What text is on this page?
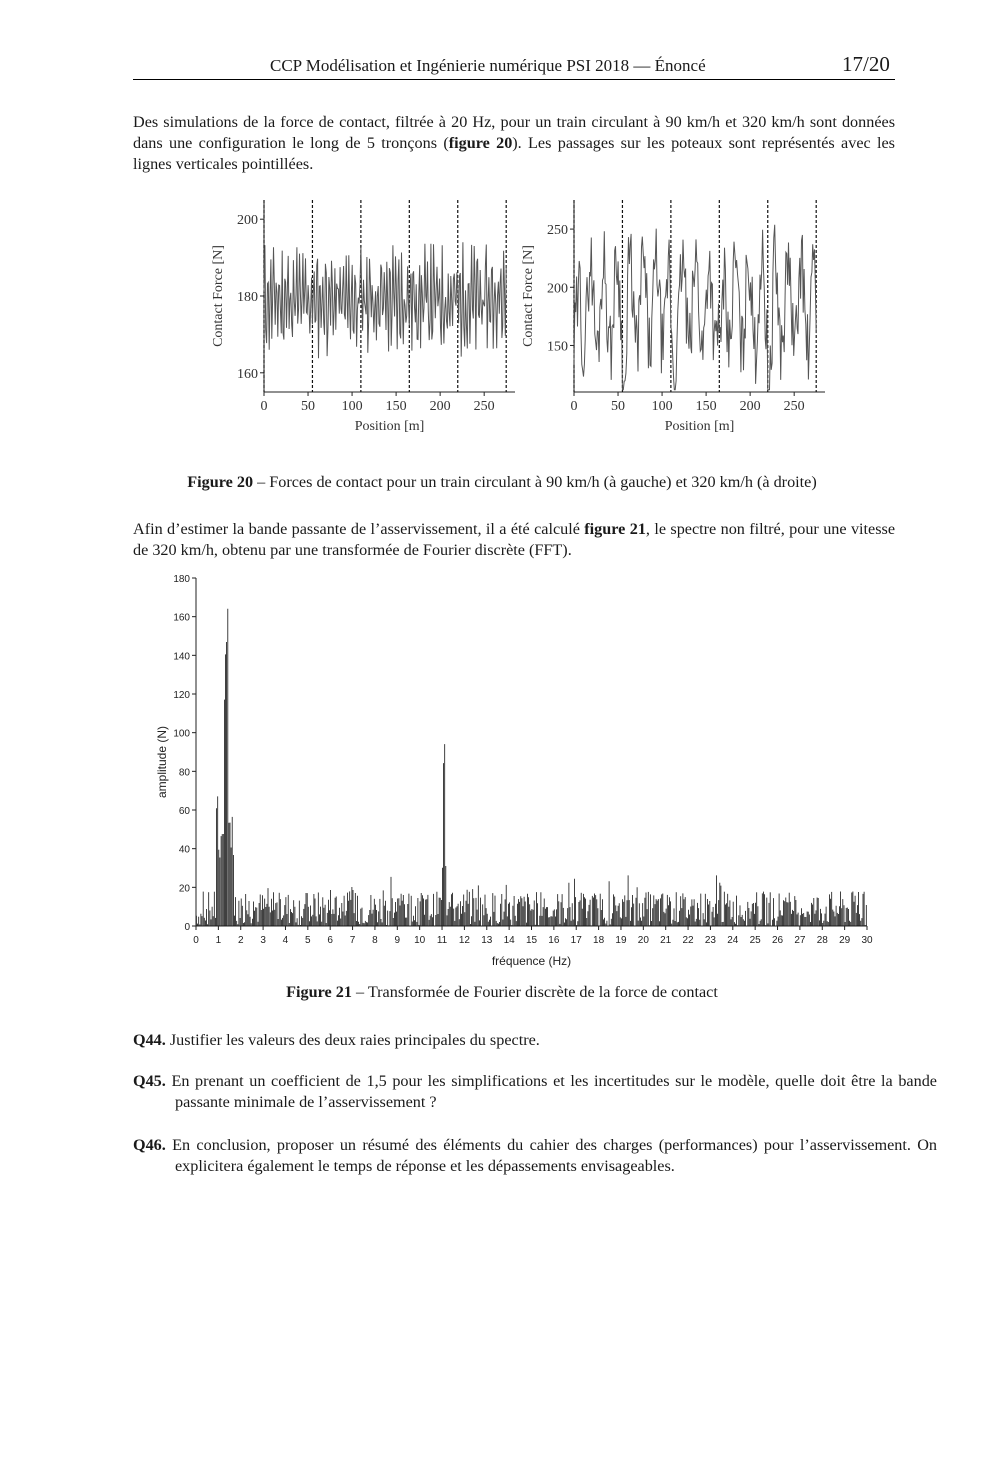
CCP Modélisation et Ingénierie numérique PSI 2018 — Énoncé	17/20
Des simulations de la force de contact, filtrée à 20 Hz, pour un train circulant à 90 km/h et 320 km/h sont données dans une configuration le long de 5 tronçons (figure 20). Les passages sur les poteaux sont représentés avec les lignes verticales pointillées.
160
180
200
0 50 100 150 200 250
Position [m]
Contact Force [N]
150
200
250
0 50 100 150 200 250
Position [m]
Contact Force [N]
Figure 20 – Forces de contact pour un train circulant à 90 km/h (à gauche) et 320 km/h (à droite)
Afin d’estimer la bande passante de l’asservissement, il a été calculé figure 21, le spectre non filtré, pour une vitesse de 320 km/h, obtenu par une transformée de Fourier discrète (FFT).
0
20
40
60
80
100
120
140
160
180
0 1 2 3 4 5 6 7 8 9 10 11 12 13 14 15 16 17 18 19 20 21 22 23 24 25 26 27 28 29 30
fréquence (Hz)
amplitude (N)
Figure 21 – Transformée de Fourier discrète de la force de contact
Q44. Justifier les valeurs des deux raies principales du spectre.
Q45. En prenant un coefficient de 1,5 pour les simplifications et les incertitudes sur le modèle, quelle doit être la bande passante minimale de l’asservissement ?
Q46. En conclusion, proposer un résumé des éléments du cahier des charges (performances) pour l’asservissement. On explicitera également le temps de réponse et les dépassements envisageables.
